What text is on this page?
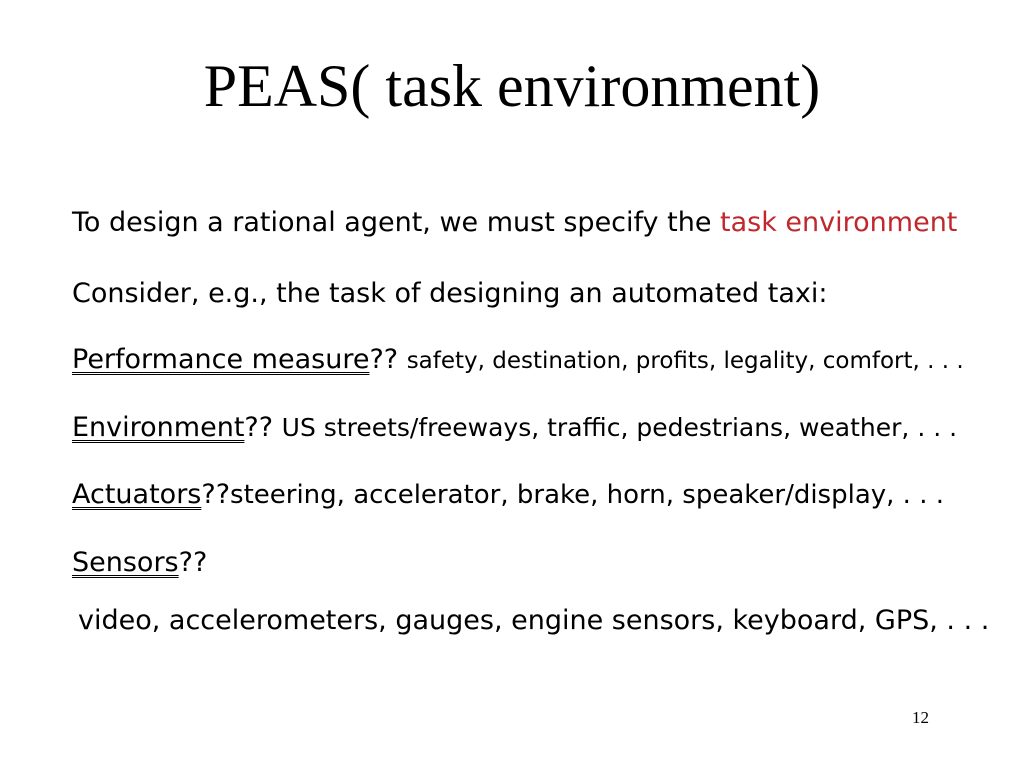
PEAS( task environment)
To design a rational agent, we must specify the task environment
Consider, e.g., the task of designing an automated taxi:
Performance measure?? safety, destination, profits, legality, comfort, . . .
Environment?? US streets/freeways, traffic, pedestrians, weather, . . .
Actuators??steering, accelerator, brake, horn, speaker/display, . . .
Sensors??
video, accelerometers, gauges, engine sensors, keyboard, GPS, . . .
12
